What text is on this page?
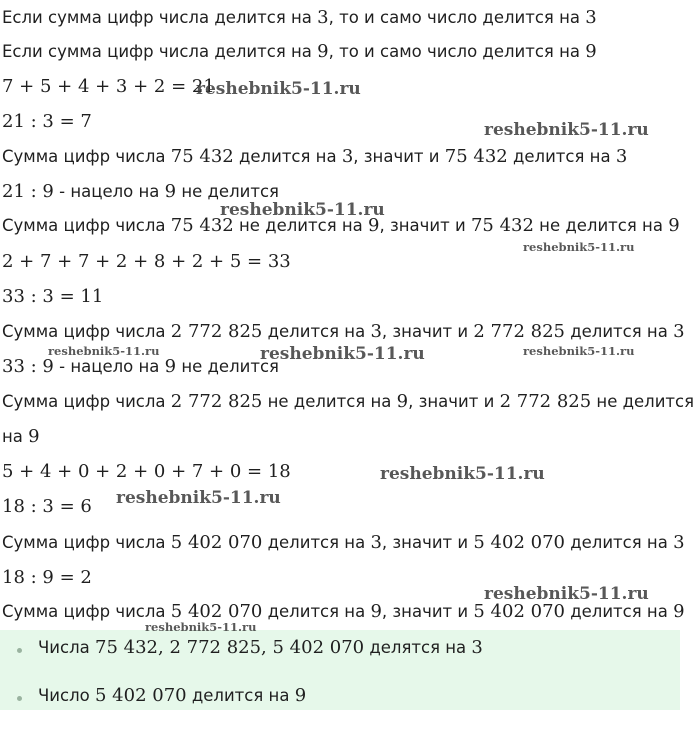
Если сумма цифр числа делится на 3, то и само число делится на 3
Если сумма цифр числа делится на 9, то и само число делится на 9
7 + 5 + 4 + 3 + 2 = 21
21 : 3 = 7
Сумма цифр числа 75 432 делится на 3, значит и 75 432 делится на 3
21 : 9 - нацело на 9 не делится
Сумма цифр числа 75 432 не делится на 9, значит и 75 432 не делится на 9
2 + 7 + 7 + 2 + 8 + 2 + 5 = 33
33 : 3 = 11
Сумма цифр числа 2 772 825 делится на 3, значит и 2 772 825 делится на 3
33 : 9 - нацело на 9 не делится
Сумма цифр числа 2 772 825 не делится на 9, значит и 2 772 825 не делится
на 9
5 + 4 + 0 + 2 + 0 + 7 + 0 = 18
18 : 3 = 6
Сумма цифр числа 5 402 070 делится на 3, значит и 5 402 070 делится на 3
18 : 9 = 2
Сумма цифр числа 5 402 070 делится на 9, значит и 5 402 070 делится на 9
Числа 75 432, 2 772 825, 5 402 070 делятся на 3
Число 5 402 070 делится на 9
reshebnik5-11.ru
reshebnik5-11.ru
reshebnik5-11.ru
reshebnik5-11.ru
reshebnik5-11.ru	reshebnik5-11.ru	reshebnik5-11.ru
reshebnik5-11.ru
reshebnik5-11.ru
reshebnik5-11.ru
reshebnik5-11.ru
